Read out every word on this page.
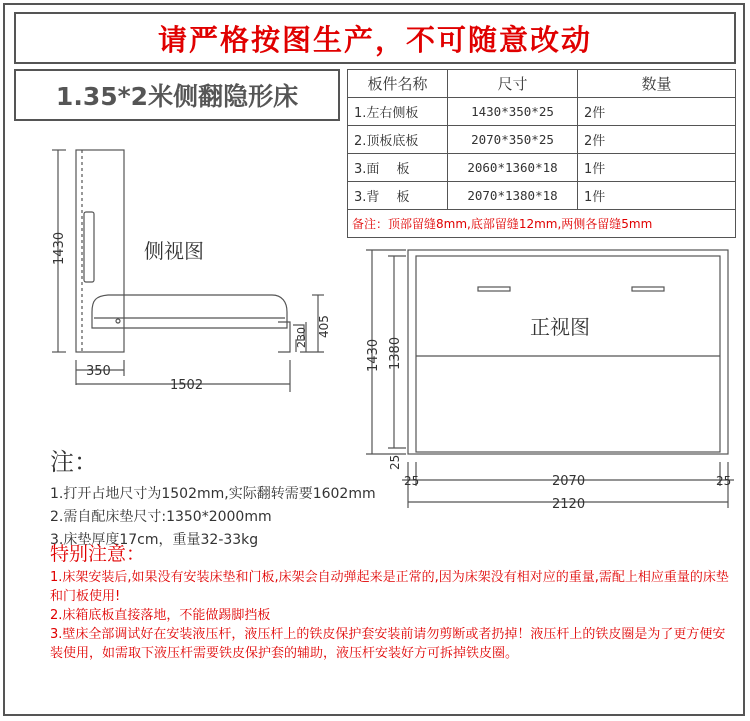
请严格按图生产，不可随意改动
1.35*2米侧翻隐形床	板件名称	尺寸	数量
1.左右侧板	1430*350*25	2件
2.顶板底板	2070*350*25	2件
3.面　 板	2060*1360*18	1件
3.背　 板	2070*1380*18	1件
备注：顶部留缝8mm,底部留缝12mm,两侧各留缝5mm		
侧视图
1430
350
1502
230 405	正视图
1430 1380
25
25	2070	25
2120
注：
1.打开占地尺寸为1502mm,实际翻转需要1602mm
2.需自配床垫尺寸:1350*2000mm
3.床垫厚度17cm，重量32-33kg
特别注意：
1.床架安装后,如果没有安装床垫和门板,床架会自动弹起来是正常的,因为床架没有相对应的重量,需配上相应重量的床垫和门板使用!
2.床箱底板直接落地，不能做踢脚挡板
3.壁床全部调试好在安装液压杆，液压杆上的铁皮保护套安装前请勿剪断或者扔掉！液压杆上的铁皮圈是为了更方便安装使用，如需取下液压杆需要铁皮保护套的辅助，液压杆安装好方可拆掉铁皮圈。
